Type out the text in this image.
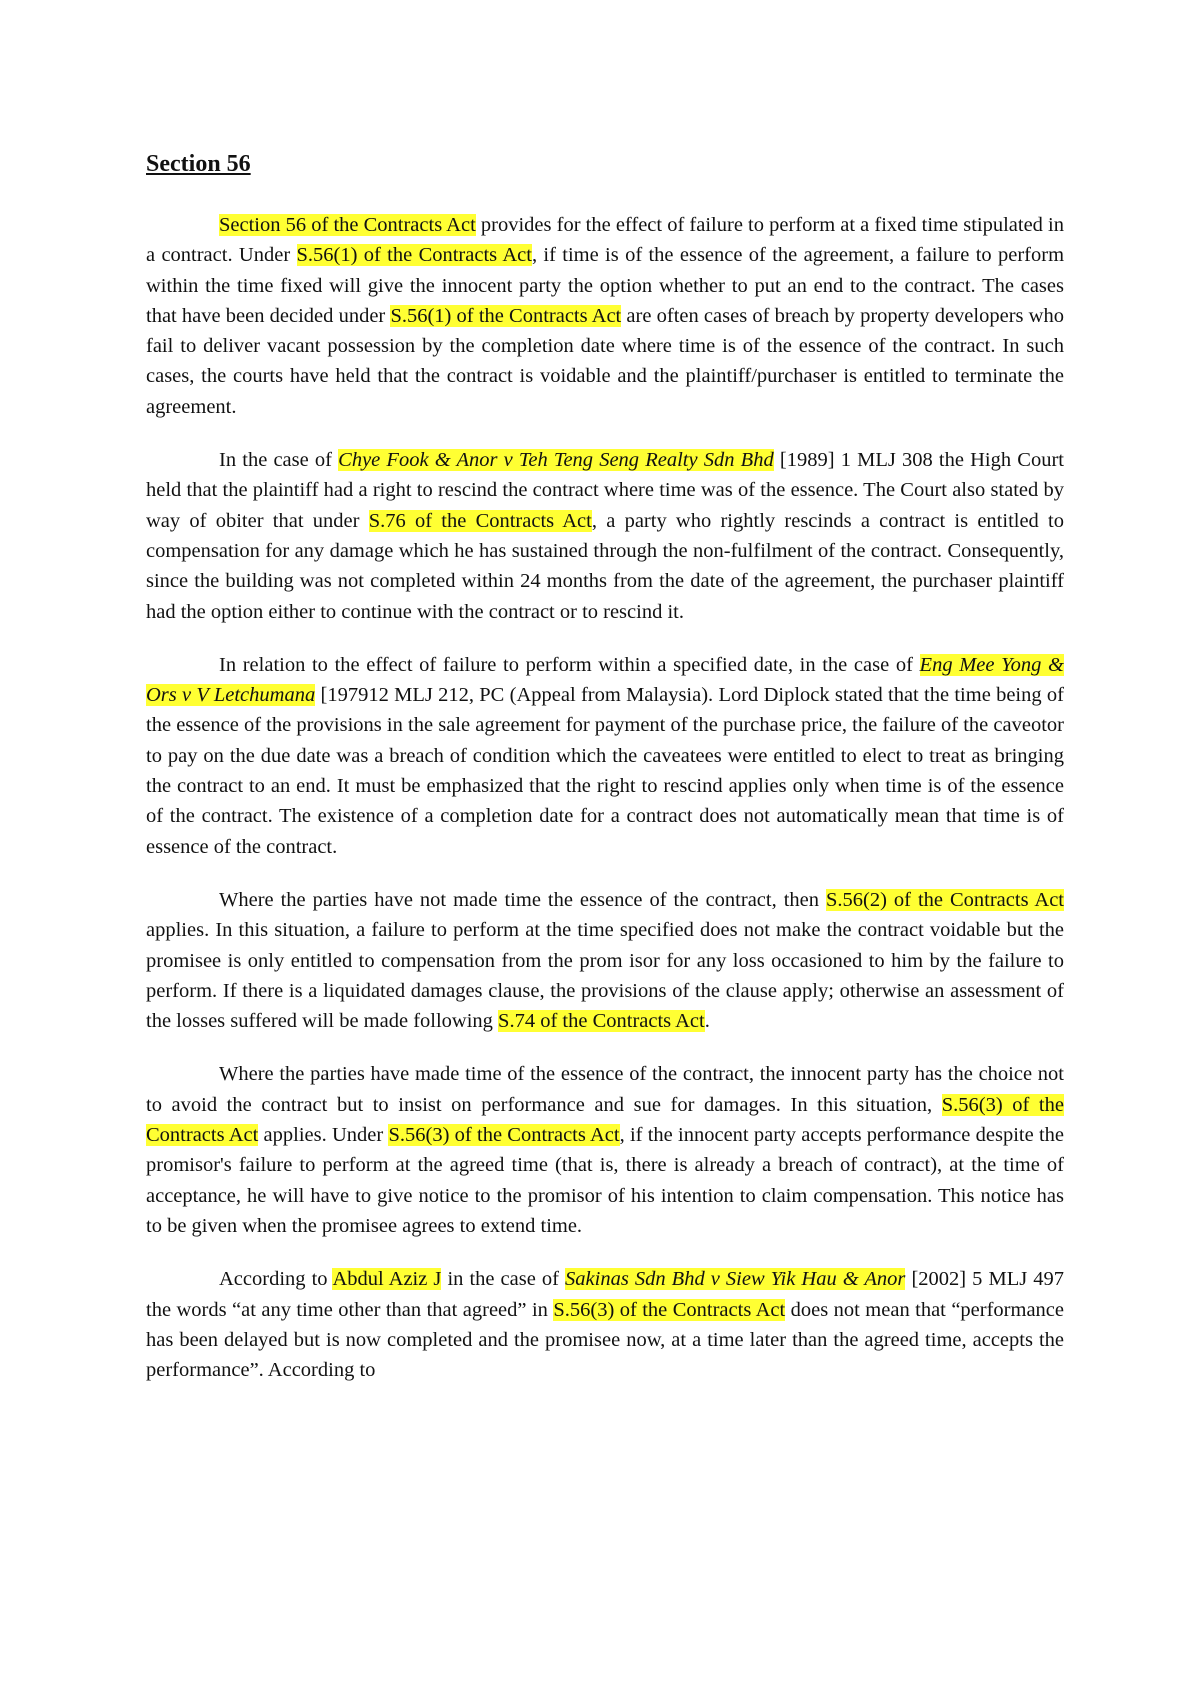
Section 56

Section 56 of the Contracts Act provides for the effect of failure to perform at a fixed time stipulated in a contract. Under S.56(1) of the Contracts Act, if time is of the essence of the agreement, a failure to perform within the time fixed will give the innocent party the option whether to put an end to the contract. The cases that have been decided under S.56(1) of the Contracts Act are often cases of breach by property developers who fail to deliver vacant possession by the completion date where time is of the essence of the contract. In such cases, the courts have held that the contract is voidable and the plaintiff/purchaser is entitled to terminate the agreement.

In the case of Chye Fook & Anor v Teh Teng Seng Realty Sdn Bhd [1989] 1 MLJ 308 the High Court held that the plaintiff had a right to rescind the contract where time was of the essence. The Court also stated by way of obiter that under S.76 of the Contracts Act, a party who rightly rescinds a contract is entitled to compensation for any damage which he has sustained through the non-fulfilment of the contract. Consequently, since the building was not completed within 24 months from the date of the agreement, the purchaser plaintiff had the option either to continue with the contract or to rescind it.

In relation to the effect of failure to perform within a specified date, in the case of Eng Mee Yong & Ors v V Letchumana [197912 MLJ 212, PC (Appeal from Malaysia). Lord Diplock stated that the time being of the essence of the provisions in the sale agreement for payment of the purchase price, the failure of the caveotor to pay on the due date was a breach of condition which the caveatees were entitled to elect to treat as bringing the contract to an end. It must be emphasized that the right to rescind applies only when time is of the essence of the contract. The existence of a completion date for a contract does not automatically mean that time is of essence of the contract.

Where the parties have not made time the essence of the contract, then S.56(2) of the Contracts Act applies. In this situation, a failure to perform at the time specified does not make the contract voidable but the promisee is only entitled to compensation from the prom isor for any loss occasioned to him by the failure to perform. If there is a liquidated damages clause, the provisions of the clause apply; otherwise an assessment of the losses suffered will be made following S.74 of the Contracts Act.

Where the parties have made time of the essence of the contract, the innocent party has the choice not to avoid the contract but to insist on performance and sue for damages. In this situation, S.56(3) of the Contracts Act applies. Under S.56(3) of the Contracts Act, if the innocent party accepts performance despite the promisor's failure to perform at the agreed time (that is, there is already a breach of contract), at the time of acceptance, he will have to give notice to the promisor of his intention to claim compensation. This notice has to be given when the promisee agrees to extend time.

According to Abdul Aziz J in the case of Sakinas Sdn Bhd v Siew Yik Hau & Anor [2002] 5 MLJ 497 the words “at any time other than that agreed” in S.56(3) of the Contracts Act does not mean that “performance has been delayed but is now completed and the promisee now, at a time later than the agreed time, accepts the performance”. According to
